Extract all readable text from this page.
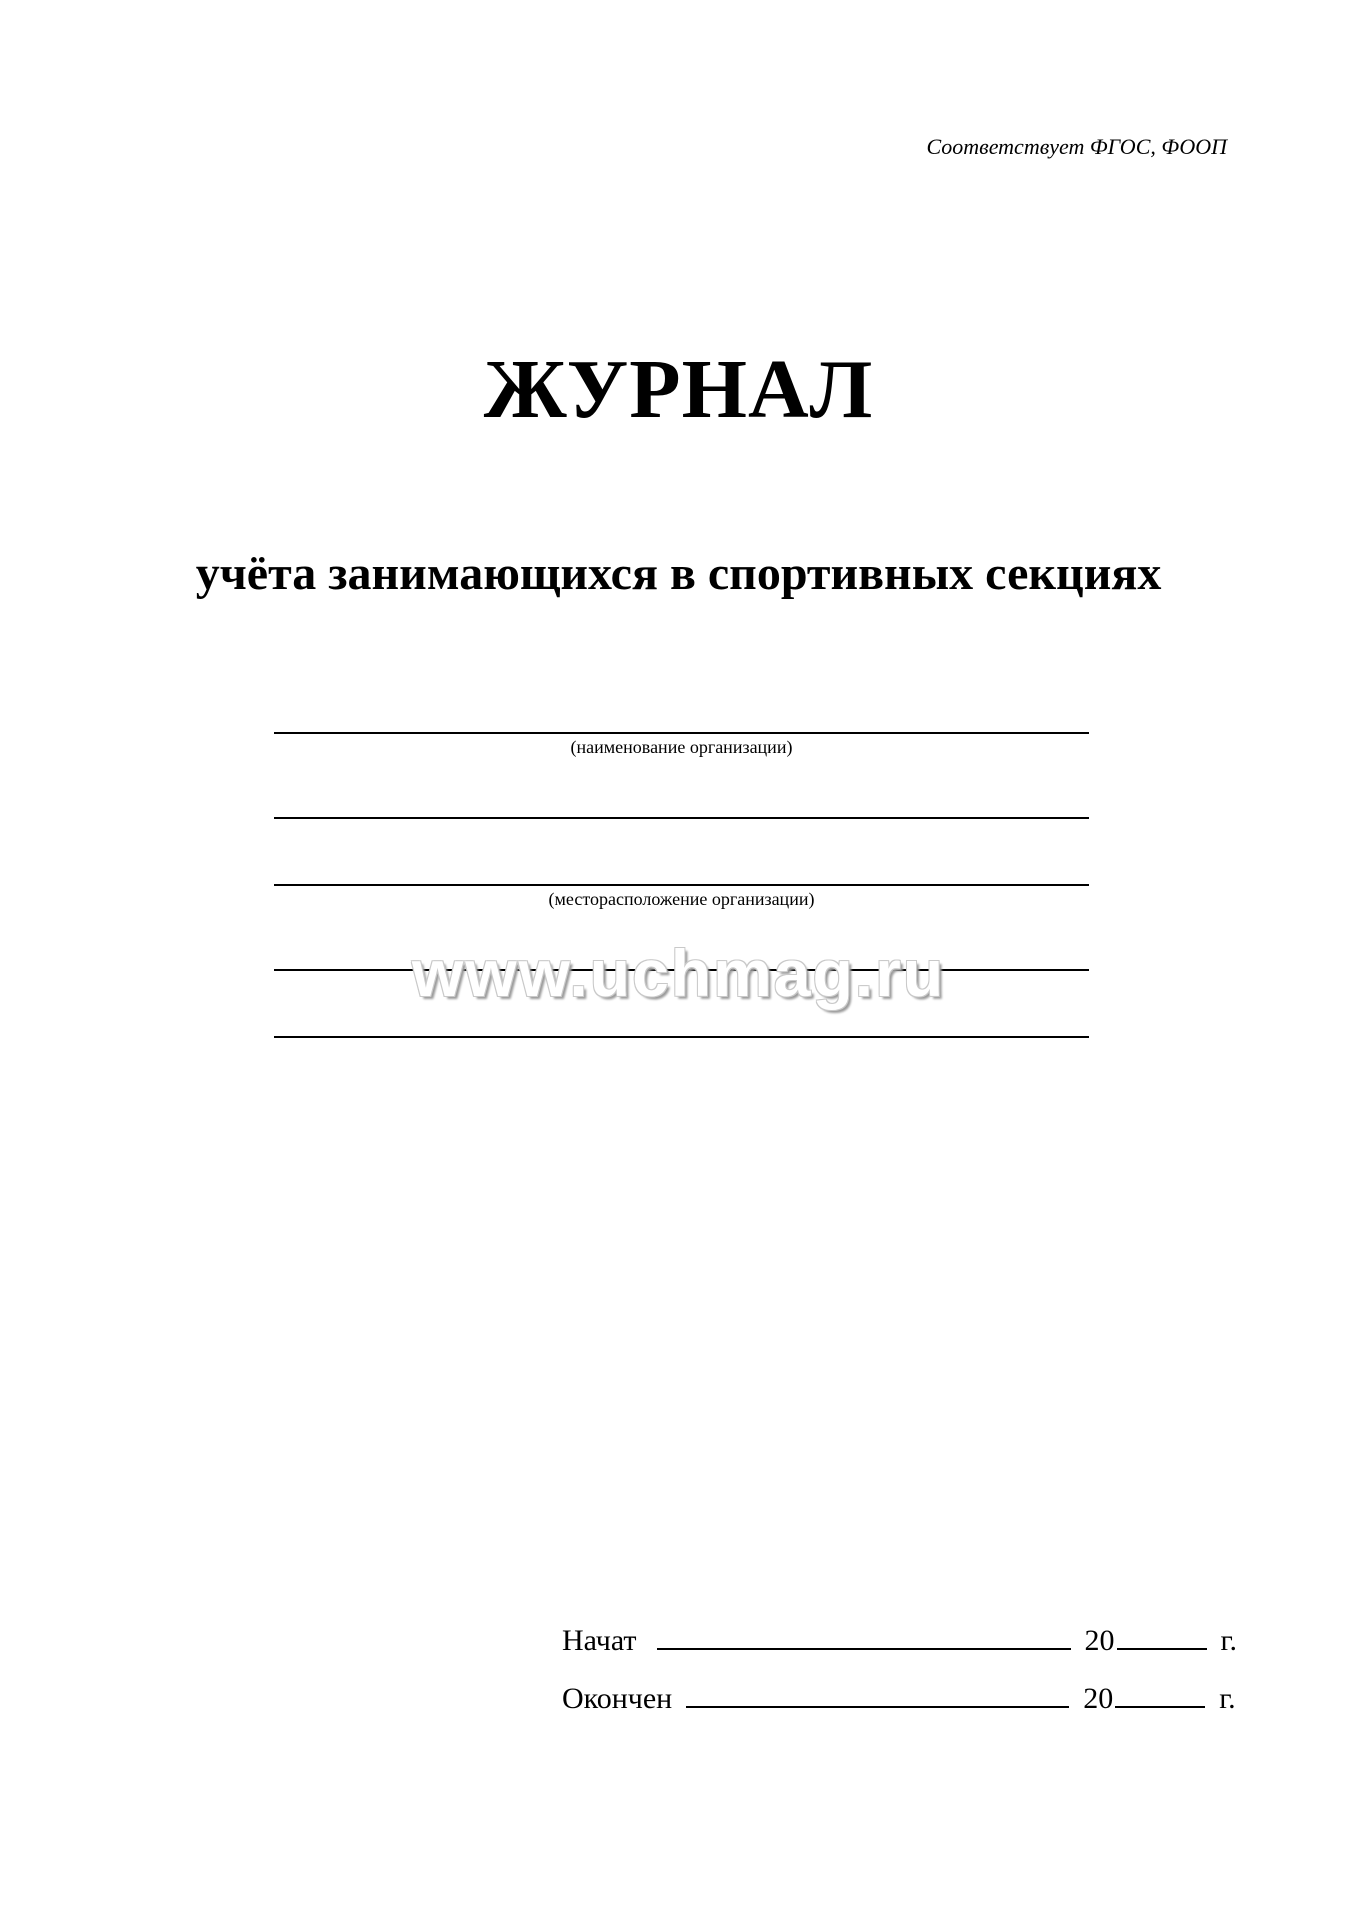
Соответствует ФГОС, ФООП
ЖУРНАЛ
учёта занимающихся в спортивных секциях
(наименование организации)
(месторасположение организации)
www.uchmag.ru
Начат	20	г.
Окончен	20	г.
